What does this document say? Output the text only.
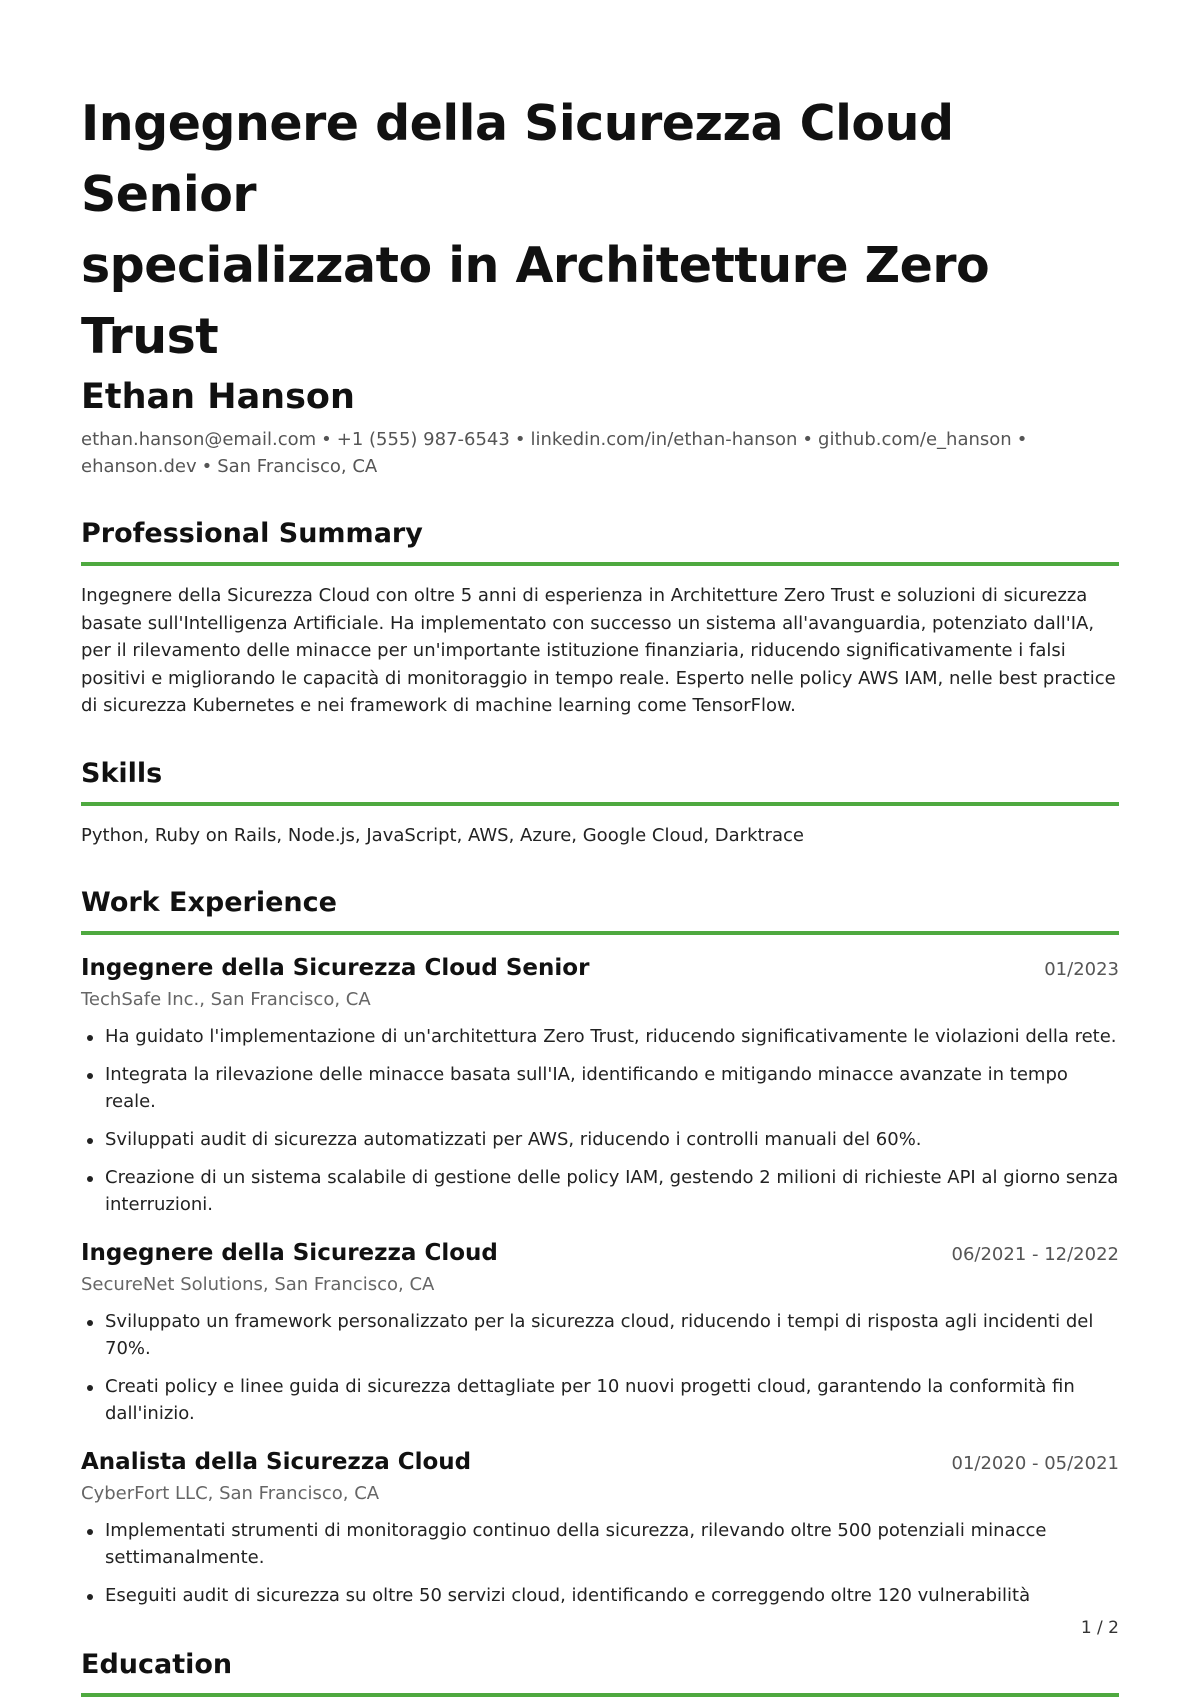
Ingegnere della Sicurezza Cloud Senior
specializzato in Architetture Zero Trust
Ethan Hanson

ethan.hanson@email.com • +1 (555) 987-6543 • linkedin.com/in/ethan-hanson • github.com/e_hanson •
ehanson.dev • San Francisco, CA

Professional Summary

Ingegnere della Sicurezza Cloud con oltre 5 anni di esperienza in Architetture Zero Trust e soluzioni di sicurezza basate sull'Intelligenza Artificiale. Ha implementato con successo un sistema all'avanguardia, potenziato dall'IA, per il rilevamento delle minacce per un'importante istituzione finanziaria, riducendo significativamente i falsi positivi e migliorando le capacità di monitoraggio in tempo reale. Esperto nelle policy AWS IAM, nelle best practice di sicurezza Kubernetes e nei framework di machine learning come TensorFlow.

Skills

Python, Ruby on Rails, Node.js, JavaScript, AWS, Azure, Google Cloud, Darktrace

Work Experience
Ingegnere della Sicurezza Cloud Senior	01/2023
TechSafe Inc., San Francisco, CA
Ha guidato l'implementazione di un'architettura Zero Trust, riducendo significativamente le violazioni della rete.
Integrata la rilevazione delle minacce basata sull'IA, identificando e mitigando minacce avanzate in tempo reale.
Sviluppati audit di sicurezza automatizzati per AWS, riducendo i controlli manuali del 60%.
Creazione di un sistema scalabile di gestione delle policy IAM, gestendo 2 milioni di richieste API al giorno senza interruzioni.
Ingegnere della Sicurezza Cloud	06/2021 - 12/2022
SecureNet Solutions, San Francisco, CA
Sviluppato un framework personalizzato per la sicurezza cloud, riducendo i tempi di risposta agli incidenti del 70%.
Creati policy e linee guida di sicurezza dettagliate per 10 nuovi progetti cloud, garantendo la conformità fin dall'inizio.
Analista della Sicurezza Cloud	01/2020 - 05/2021
CyberFort LLC, San Francisco, CA
Implementati strumenti di monitoraggio continuo della sicurezza, rilevando oltre 500 potenziali minacce settimanalmente.
Eseguiti audit di sicurezza su oltre 50 servizi cloud, identificando e correggendo oltre 120 vulnerabilità
Education
1 / 2
